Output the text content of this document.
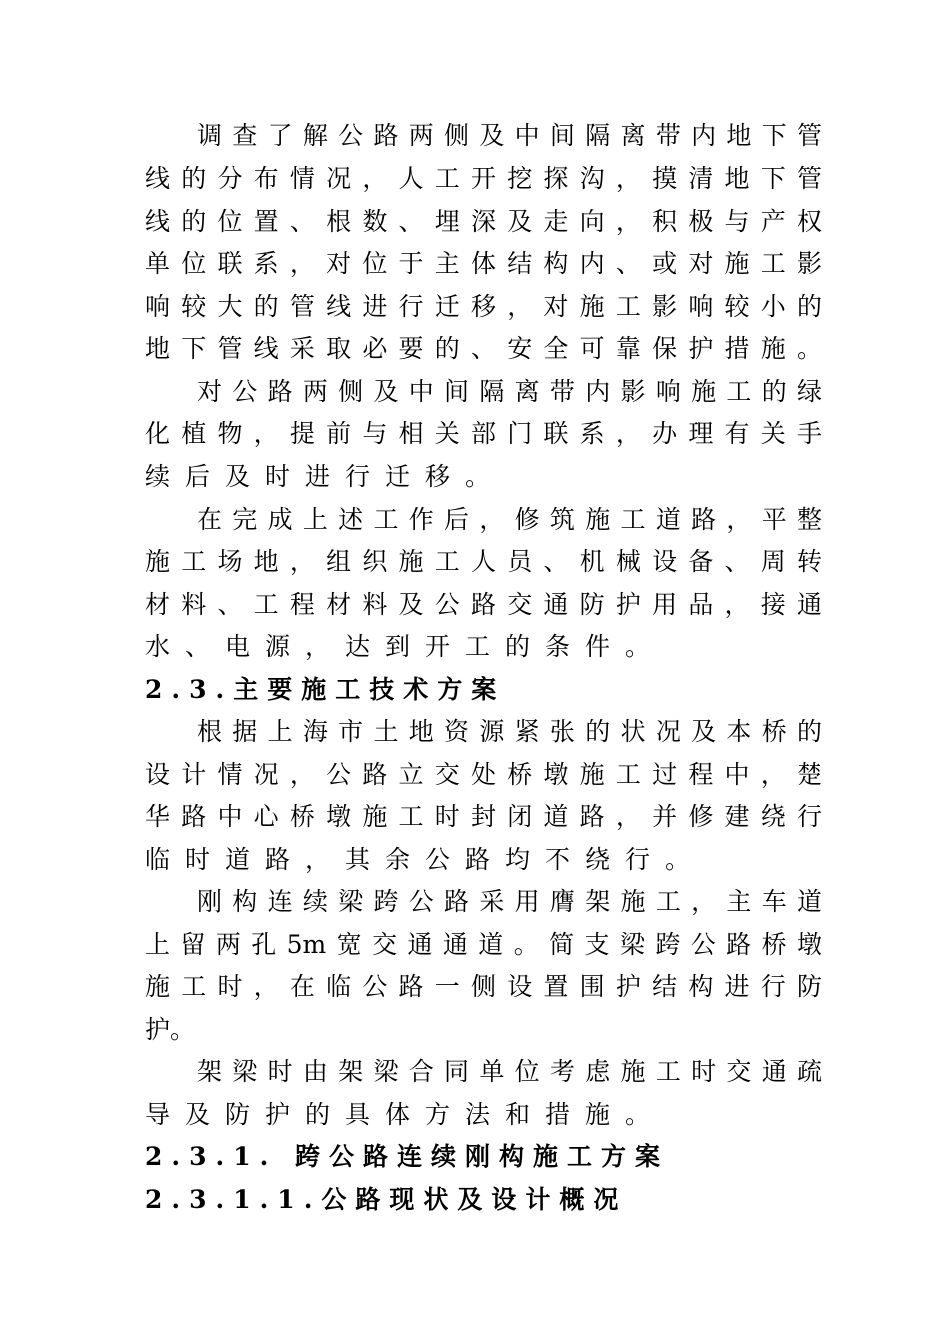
调查了解公路两侧及中间隔离带内地下管
线的分布情况，人工开挖探沟，摸清地下管
线的位置、根数、埋深及走向，积极与产权
单位联系，对位于主体结构内、或对施工影
响较大的管线进行迁移，对施工影响较小的
地下管线采取必要的、安全可靠保护措施。
对公路两侧及中间隔离带内影响施工的绿
化植物，提前与相关部门联系，办理有关手
续后及时进行迁移。
在完成上述工作后，修筑施工道路，平整
施工场地，组织施工人员、机械设备、周转
材料、工程材料及公路交通防护用品，接通
水、电源，达到开工的条件。
2.3.主要施工技术方案
根据上海市土地资源紧张的状况及本桥的
设计情况，公路立交处桥墩施工过程中，楚
华路中心桥墩施工时封闭道路，并修建绕行
临时道路，其余公路均不绕行。
刚构连续梁跨公路采用膺架施工，主车道
上留两孔5m宽交通通道。简支梁跨公路桥墩
施工时，在临公路一侧设置围护结构进行防
护。
架梁时由架梁合同单位考虑施工时交通疏
导及防护的具体方法和措施。
2.3.1. 跨公路连续刚构施工方案
2.3.1.1.公路现状及设计概况
